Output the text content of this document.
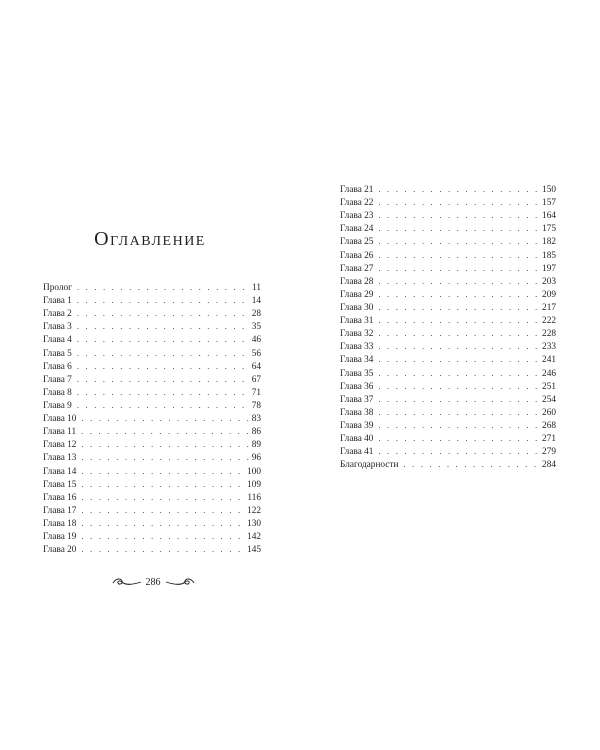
Оглавление
Пролог . . .	11
Глава 1 . . .	14
Глава 2 . . .	28
Глава 3 . . .	35
Глава 4 . . .	46
Глава 5 . . .	56
Глава 6 . . .	64
Глава 7 . . .	67
Глава 8 . . .	71
Глава 9 . . .	78
Глава 10 . . .	83
Глава 11 . . .	86
Глава 12 . . .	89
Глава 13 . . .	96
Глава 14 . . .	100
Глава 15 . . .	109
Глава 16 . . .	116
Глава 17 . . .	122
Глава 18 . . .	130
Глава 19 . . .	142
Глава 20 . . .	145
Глава 21 . . .	150
Глава 22 . . .	157
Глава 23 . . .	164
Глава 24 . . .	175
Глава 25 . . .	182
Глава 26 . . .	185
Глава 27 . . .	197
Глава 28 . . .	203
Глава 29 . . .	209
Глава 30 . . .	217
Глава 31 . . .	222
Глава 32 . . .	228
Глава 33 . . .	233
Глава 34 . . .	241
Глава 35 . . .	246
Глава 36 . . .	251
Глава 37 . . .	254
Глава 38 . . .	260
Глава 39 . . .	268
Глава 40 . . .	271
Глава 41 . . .	279
Благодарности . . .	284
286
